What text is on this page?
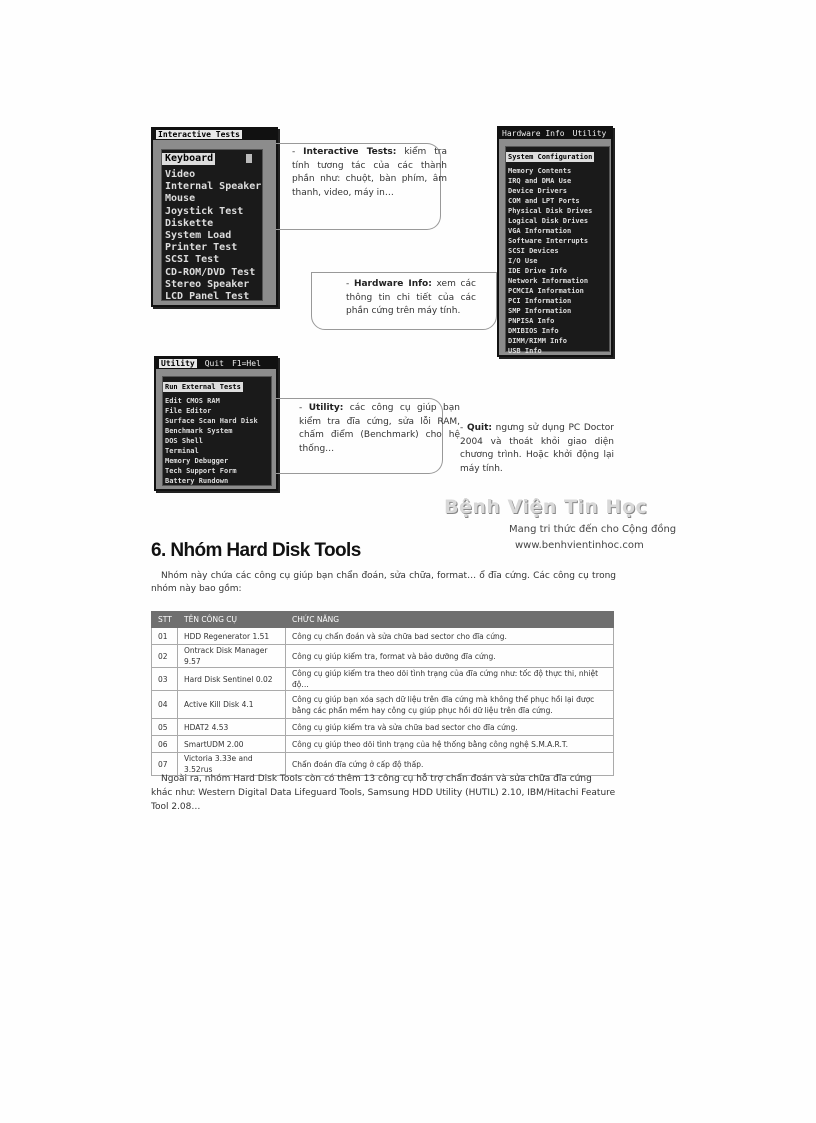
Interactive Tests
Keyboard
Video
Internal Speaker
Mouse
Joystick Test
Diskette
System Load
Printer Test
SCSI Test
CD-ROM/DVD Test
Stereo Speaker
LCD Panel Test
Hardware Info Utility
System Configuration
Memory Contents
IRQ and DMA Use
Device Drivers
COM and LPT Ports
Physical Disk Drives
Logical Disk Drives
VGA Information
Software Interrupts
SCSI Devices
I/O Use
IDE Drive Info
Network Information
PCMCIA Information
PCI Information
SMP Information
PNPISA Info
DMIBIOS Info
DIMM/RIMM Info
USB Info
Utility Quit F1=Hel
Run External Tests
Edit CMOS RAM
File Editor
Surface Scan Hard Disk
Benchmark System
DOS Shell
Terminal
Memory Debugger
Tech Support Form
Battery Rundown
- Interactive Tests: kiểm tra tính tương tác của các thành phần như: chuột, bàn phím, âm thanh, video, máy in…
- Hardware Info: xem các thông tin chi tiết của các phần cứng trên máy tính.
- Utility: các công cụ giúp bạn kiểm tra đĩa cứng, sửa lỗi RAM, chấm điểm (Benchmark) cho hệ thống…
- Quit: ngưng sử dụng PC Doctor 2004 và thoát khỏi giao diện chương trình. Hoặc khởi động lại máy tính.
Bệnh Viện Tin Học
Mang tri thức đến cho Cộng đồng
www.benhvientinhoc.com
6. Nhóm Hard Disk Tools
Nhóm này chứa các công cụ giúp bạn chẩn đoán, sửa chữa, format… ổ đĩa cứng. Các công cụ trong nhóm này bao gồm:
STT	TÊN CÔNG CỤ	CHỨC NĂNG
01	HDD Regenerator 1.51	Công cụ chẩn đoán và sửa chữa bad sector cho đĩa cứng.
02	Ontrack Disk Manager 9.57	Công cụ giúp kiểm tra, format và bảo dưỡng đĩa cứng.
03	Hard Disk Sentinel 0.02	Công cụ giúp kiểm tra theo dõi tình trạng của đĩa cứng như: tốc độ thực thi, nhiệt độ…
04	Active Kill Disk 4.1	Công cụ giúp bạn xóa sạch dữ liệu trên đĩa cứng mà không thể phục hồi lại được bằng các phần mềm hay công cụ giúp phục hồi dữ liệu trên đĩa cứng.
05	HDAT2 4.53	Công cụ giúp kiểm tra và sửa chữa bad sector cho đĩa cứng.
06	SmartUDM 2.00	Công cụ giúp theo dõi tình trạng của hệ thống bằng công nghệ S.M.A.R.T.
07	Victoria 3.33e and 3.52rus	Chẩn đoán đĩa cứng ở cấp độ thấp.
Ngoài ra, nhóm Hard Disk Tools còn có thêm 13 công cụ hỗ trợ chẩn đoán và sửa chữa đĩa cứng khác như: Western Digital Data Lifeguard Tools, Samsung HDD Utility (HUTIL) 2.10, IBM/Hitachi Feature Tool 2.08…
